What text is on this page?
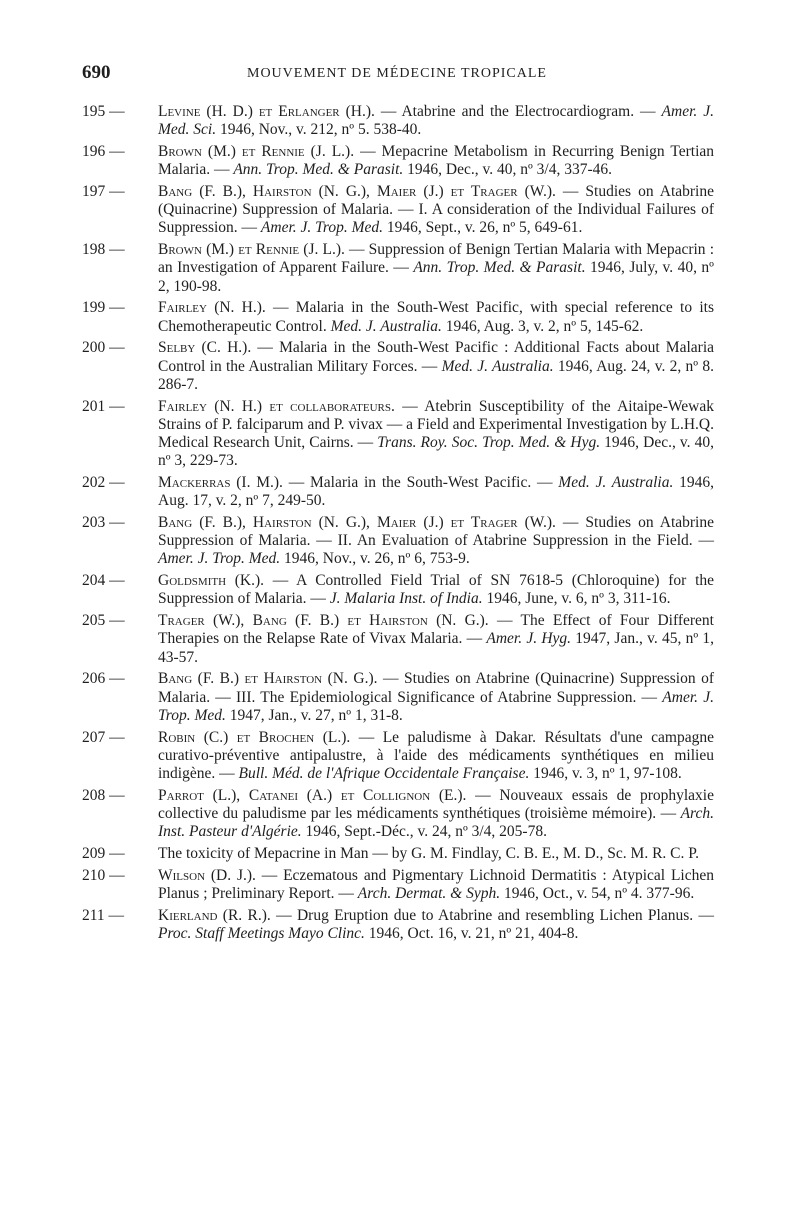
690	MOUVEMENT DE MÉDECINE TROPICALE
195 —	Levine (H. D.) et Erlanger (H.). — Atabrine and the Electrocardiogram. — Amer. J. Med. Sci. 1946, Nov., v. 212, nº 5. 538-40.
196 —	Brown (M.) et Rennie (J. L.). — Mepacrine Metabolism in Recurring Benign Tertian Malaria. — Ann. Trop. Med. & Parasit. 1946, Dec., v. 40, nº 3/4, 337-46.
197 —	Bang (F. B.), Hairston (N. G.), Maier (J.) et Trager (W.). — Studies on Atabrine (Quinacrine) Suppression of Malaria. — I. A consideration of the Individual Failures of Suppression. — Amer. J. Trop. Med. 1946, Sept., v. 26, nº 5, 649-61.
198 —	Brown (M.) et Rennie (J. L.). — Suppression of Benign Tertian Malaria with Mepacrin : an Investigation of Apparent Failure. — Ann. Trop. Med. & Parasit. 1946, July, v. 40, nº 2, 190-98.
199 —	Fairley (N. H.). — Malaria in the South-West Pacific, with special reference to its Chemotherapeutic Control. Med. J. Australia. 1946, Aug. 3, v. 2, nº 5, 145-62.
200 —	Selby (C. H.). — Malaria in the South-West Pacific : Additional Facts about Malaria Control in the Australian Military Forces. — Med. J. Australia. 1946, Aug. 24, v. 2, nº 8. 286-7.
201 —	Fairley (N. H.) et collaborateurs. — Atebrin Susceptibility of the Aitaipe-Wewak Strains of P. falciparum and P. vivax — a Field and Experimental Investigation by L.H.Q. Medical Research Unit, Cairns. — Trans. Roy. Soc. Trop. Med. & Hyg. 1946, Dec., v. 40, nº 3, 229-73.
202 —	Mackerras (I. M.). — Malaria in the South-West Pacific. — Med. J. Australia. 1946, Aug. 17, v. 2, nº 7, 249-50.
203 —	Bang (F. B.), Hairston (N. G.), Maier (J.) et Trager (W.). — Studies on Atabrine Suppression of Malaria. — II. An Evaluation of Atabrine Suppression in the Field. — Amer. J. Trop. Med. 1946, Nov., v. 26, nº 6, 753-9.
204 —	Goldsmith (K.). — A Controlled Field Trial of SN 7618-5 (Chloroquine) for the Suppression of Malaria. — J. Malaria Inst. of India. 1946, June, v. 6, nº 3, 311-16.
205 —	Trager (W.), Bang (F. B.) et Hairston (N. G.). — The Effect of Four Different Therapies on the Relapse Rate of Vivax Malaria. — Amer. J. Hyg. 1947, Jan., v. 45, nº 1, 43-57.
206 —	Bang (F. B.) et Hairston (N. G.). — Studies on Atabrine (Quinacrine) Suppression of Malaria. — III. The Epidemiological Significance of Atabrine Suppression. — Amer. J. Trop. Med. 1947, Jan., v. 27, nº 1, 31-8.
207 —	Robin (C.) et Brochen (L.). — Le paludisme à Dakar. Résultats d'une campagne curativo-préventive antipalustre, à l'aide des médicaments synthétiques en milieu indigène. — Bull. Méd. de l'Afrique Occidentale Française. 1946, v. 3, nº 1, 97-108.
208 —	Parrot (L.), Catanei (A.) et Collignon (E.). — Nouveaux essais de prophylaxie collective du paludisme par les médicaments synthétiques (troisième mémoire). — Arch. Inst. Pasteur d'Algérie. 1946, Sept.-Déc., v. 24, nº 3/4, 205-78.
209 —	The toxicity of Mepacrine in Man — by G. M. Findlay, C. B. E., M. D., Sc. M. R. C. P.
210 —	Wilson (D. J.). — Eczematous and Pigmentary Lichnoid Dermatitis : Atypical Lichen Planus ; Preliminary Report. — Arch. Dermat. & Syph. 1946, Oct., v. 54, nº 4. 377-96.
211 —	Kierland (R. R.). — Drug Eruption due to Atabrine and resembling Lichen Planus. — Proc. Staff Meetings Mayo Clinc. 1946, Oct. 16, v. 21, nº 21, 404-8.
